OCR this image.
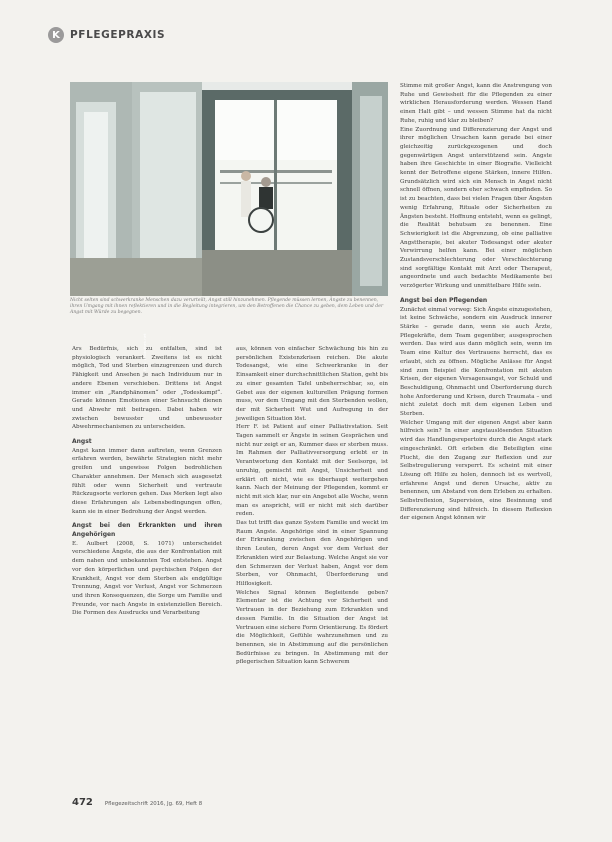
K PFLEGEPRAXIS
Foto: photothek.net
Nicht selten sind schwerkranke Menschen dazu verurteilt, Angst still hinzunehmen. Pflegende müssen lernen, Ängste zu benennen, ihren Umgang mit ihnen reflektieren und in die Begleitung integrieren, um den Betroffenen die Chance zu geben, dem Leben und der Angst mit Würde zu begegnen.

Ars Bedürfnis, sich zu entfalten, sind ist physiologisch verankert. Zweitens ist es nicht möglich, Tod und Sterben einzugrenzen und durch Fähigkeit und Ansehen je nach Individuum nur in andere Ebenen verschieben. Drittens ist Angst immer ein „Randphänomen“ oder „Todeskampf“. Gerade können Emotionen einer Sehnsucht dienen und Abwehr mit beitragen. Dabei haben wir zwischen bewusster und unbewusster Abwehrmechanismen zu unterscheiden.

Angst

Angst kann immer dann auftreten, wenn Grenzen erfahren werden, bewährte Strategien nicht mehr greifen und ungewisse Folgen bedrohlichen Charakter annehmen. Der Mensch sich ausgesetzt fühlt oder wenn Sicherheit und vertraute Rückzugsorte verloren gehen. Das Merken legt also diese Erfahrungen als Lebensbedingungen offen, kann sie in einer Bedrohung der Angst werden.

Angst bei den Erkrankten und ihren Angehörigen

E. Aulbert (2008, S. 1071) unterscheidet verschiedene Ängste, die aus der Konfrontation mit dem nahen und unbekannten Tod entstehen. Angst vor den körperlichen und psychischen Folgen der Krankheit, Angst vor dem Sterben als endgültige Trennung, Angst vor Verlust, Angst vor Schmerzen und ihren Konsequenzen, die Sorge um Familie und Freunde, vor nach Angste in existenziellen Bereich. Die Formen des Ausdrucks und Verarbeitung

aus, können von einfacher Schwächung bis hin zu persönlichen Existenzkrisen reichen. Die akute Todesangst, wie eine Schwerkranke in der Einsamkeit einer durchschnittlichen Station, geht bis zu einer gesamten Tafel unbeherrschbar, so, ein Gebet aus der eigenen kulturellen Prägung formen muss, vor dem Umgang mit den Sterbenden wollen, der mit Sicherheit Wut und Aufregung in der jeweiligen Situation löst.

Herr F. ist Patient auf einer Palliativstation. Seit Tagen sammelt er Ängste in seinen Gesprächen und nicht nur zeigt er an, Kummer dass er sterben muss. Im Rahmen der Palliativversorgung erlebt er in Verantwortung den Kontakt mit der Seelsorge, ist unruhig, gemischt mit Angst, Unsicherheit und erklärt oft nicht, wie es überhaupt weitergehen kann. Nach der Meinung der Pflegenden, kommt er nicht mit sich klar, nur ein Angebot alle Woche, wenn man es anspricht, will er nicht mit sich darüber reden.

Das tut trifft das ganze System Familie und weckt im Raum Angste. Angehörige sind in einer Spannung der Erkrankung zwischen den Angehörigen und ihren Leuten, deren Angst vor dem Verlust der Erkrankten wird zur Belastung. Welche Angst sie vor den Schmerzen der Verlust haben, Angst vor dem Sterben, vor Ohnmacht, Überforderung und Hilflosigkeit.

Welches Signal können Begleitende geben? Elementar ist die Achtung vor Sicherheit und Vertrauen in der Beziehung zum Erkrankten und dessen Familie. In die Situation der Angst ist Vertrauen eine sichere Form Orientierung. Es fördert die Möglichkeit, Gefühle wahrzunehmen und zu benennen, sie in Abstimmung auf die persönlichen Bedürfnisse zu bringen. In Abstimmung mit der pflegerischen Situation kann Schwerem

Stimme mit großer Angst, kann die Anstrengung von Ruhe und Gewissheit für die Pflegenden zu einer wirklichen Herausforderung werden. Wessen Hand einen Halt gibt – und wessen Stimme hat da nicht Ruhe, ruhig und klar zu bleiben?

Eine Zuordnung und Differenzierung der Angst und ihrer möglichen Ursachen kann gerade bei einer gleichzeitig zurückgezogenen und doch gegenwärtigen Angst unterstützend sein. Angste haben ihre Geschichte in einer Biografie. Vielleicht kennt der Betroffene eigene Stärken, innere Hilfen. Grundsätzlich wird sich ein Mensch in Angst nicht schnell öffnen, sondern eher schwach empfinden. So ist zu beachten, dass bei vielen Fragen über Ängsten wenig Erfahrung, Rituale oder Sicherheiten zu Ängsten besteht. Hoffnung entsteht, wenn es gelingt, die Realität behutsam zu benennen. Eine Schwierigkeit ist die Abgrenzung, ob eine palliative Angsttherapie, bei akuter Todesangst oder akuter Verwirrung helfen kann. Bei einer möglichen Zustandsverschlechterung oder Verschlechterung sind sorgfältige Kontakt mit Arzt oder Therapeut, angeordnete und auch bedachte Medikamente bei verzögerter Wirkung und unmittelbare Hilfe sein.

Angst bei den Pflegenden

Zunächst einmal vorweg: Sich Ängste einzugestehen, ist keine Schwäche, sondern ein Ausdruck innerer Stärke – gerade dann, wenn sie auch Ärzte, Pflegekräfte, dem Team gegenüber, ausgesprochen werden. Das wird aus dann möglich sein, wenn im Team eine Kultur des Vertrauens herrscht, das es erlaubt, sich zu öffnen. Mögliche Anlässe für Angst sind zum Beispiel die Konfrontation mit akuten Krisen, der eigenen Versagensangst, vor Schuld und Beschuldigung, Ohnmacht und Überforderung durch hohe Anforderung und Krisen, durch Traumata – und nicht zuletzt doch mit dem eigenen Leben und Sterben.

Welcher Umgang mit der eigenen Angst aber kann hilfreich sein? In einer angstauslösenden Situation wird das Handlungsrepertoire durch die Angst stark eingeschränkt. Oft erleben die Beteiligten eine Flucht, die den Zugang zur Reflexion und zur Selbstregulierung versperrt. Es scheint mit einer Lösung oft Hilfe zu holen, dennoch ist es wertvoll, erfahrene Angst und deren Ursache, aktiv zu benennen, um Abstand von dem Erleben zu erhalten. Selbstreflexion, Supervision, eine Besinnung und Differenzierung sind hilfreich. In diesem Reflexion der eigenen Angst können wir

472 Pflegezeitschrift 2016, Jg. 69, Heft 8
